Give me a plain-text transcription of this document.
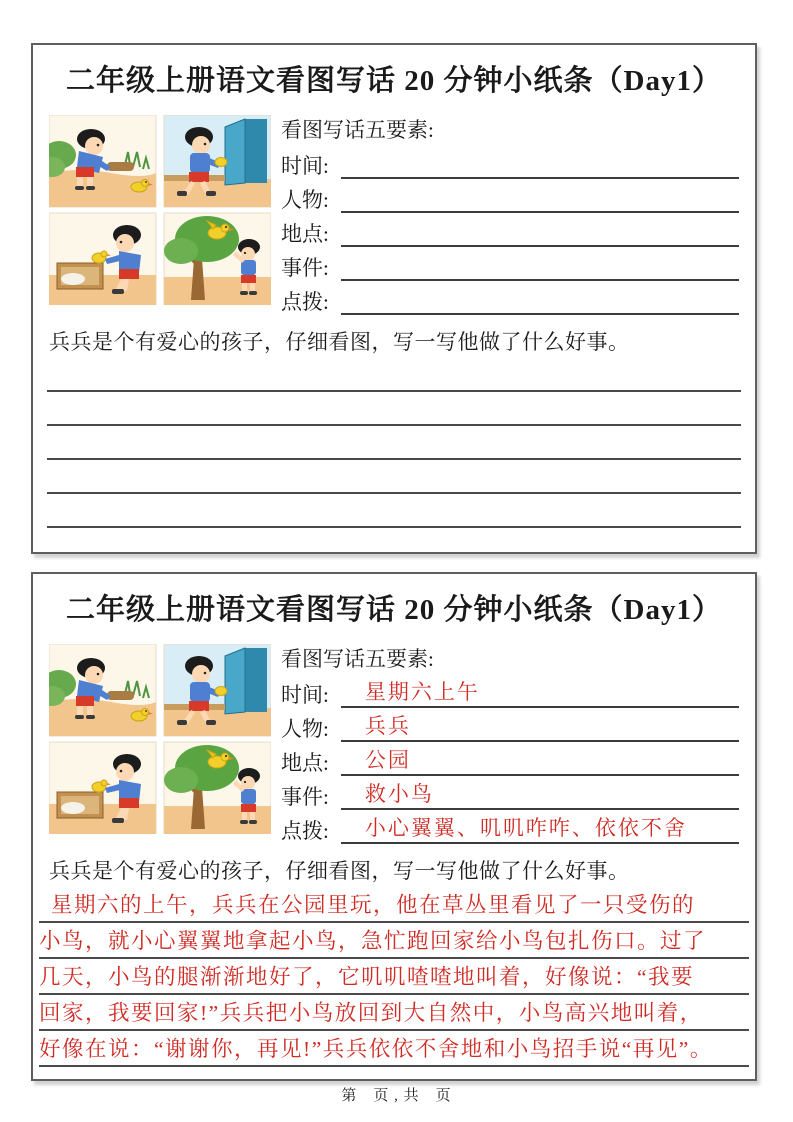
二年级上册语文看图写话 20 分钟小纸条（Day1）
看图写话五要素:
时间:
人物:
地点:
事件:
点拨:

兵兵是个有爱心的孩子，仔细看图，写一写他做了什么好事。

二年级上册语文看图写话 20 分钟小纸条（Day1）
看图写话五要素:
时间:	星期六上午
人物:	兵兵
地点:	公园
事件:	救小鸟
点拨:	小心翼翼、叽叽咋咋、依依不舍

兵兵是个有爱心的孩子，仔细看图，写一写他做了什么好事。

星期六的上午，兵兵在公园里玩，他在草丛里看见了一只受伤的
小鸟，就小心翼翼地拿起小鸟，急忙跑回家给小鸟包扎伤口。过了
几天，小鸟的腿渐渐地好了，它叽叽喳喳地叫着，好像说：“我要
回家，我要回家!”兵兵把小鸟放回到大自然中，小鸟高兴地叫着，
好像在说：“谢谢你，再见!”兵兵依依不舍地和小鸟招手说“再见”。
第　页 , 共　页
